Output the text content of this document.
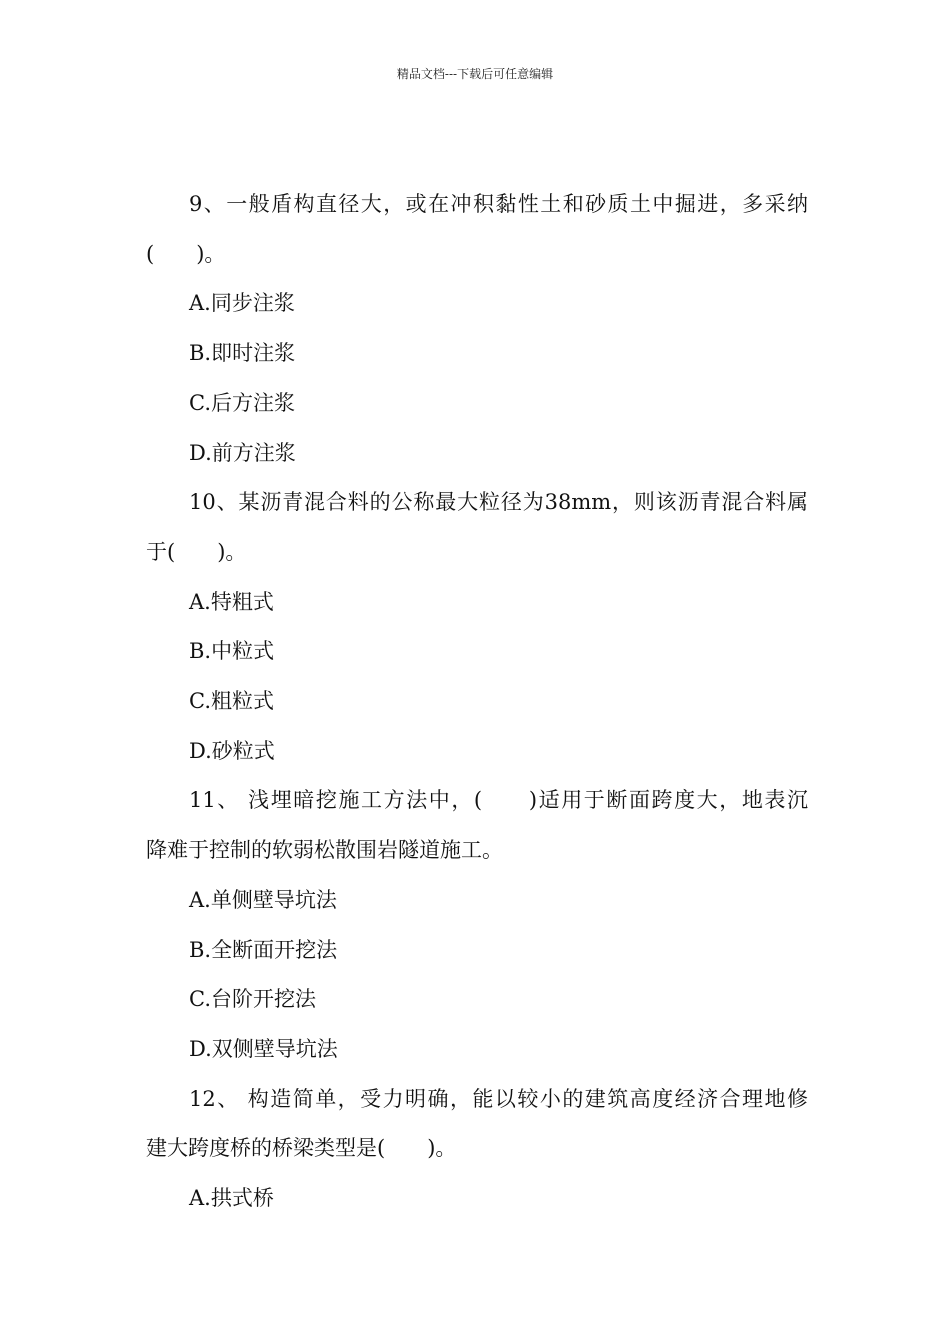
精品文档---下载后可任意编辑
9、一般盾构直径大，或在冲积黏性土和砂质土中掘进，多采纳
(　　)。
A.同步注浆
B.即时注浆
C.后方注浆
D.前方注浆
10、某沥青混合料的公称最大粒径为38mm，则该沥青混合料属
于(　　)。
A.特粗式
B.中粒式
C.粗粒式
D.砂粒式
11、 浅埋暗挖施工方法中，(　　)适用于断面跨度大，地表沉
降难于控制的软弱松散围岩隧道施工。
A.单侧壁导坑法
B.全断面开挖法
C.台阶开挖法
D.双侧壁导坑法
12、 构造简单，受力明确，能以较小的建筑高度经济合理地修
建大跨度桥的桥梁类型是(　　)。
A.拱式桥
